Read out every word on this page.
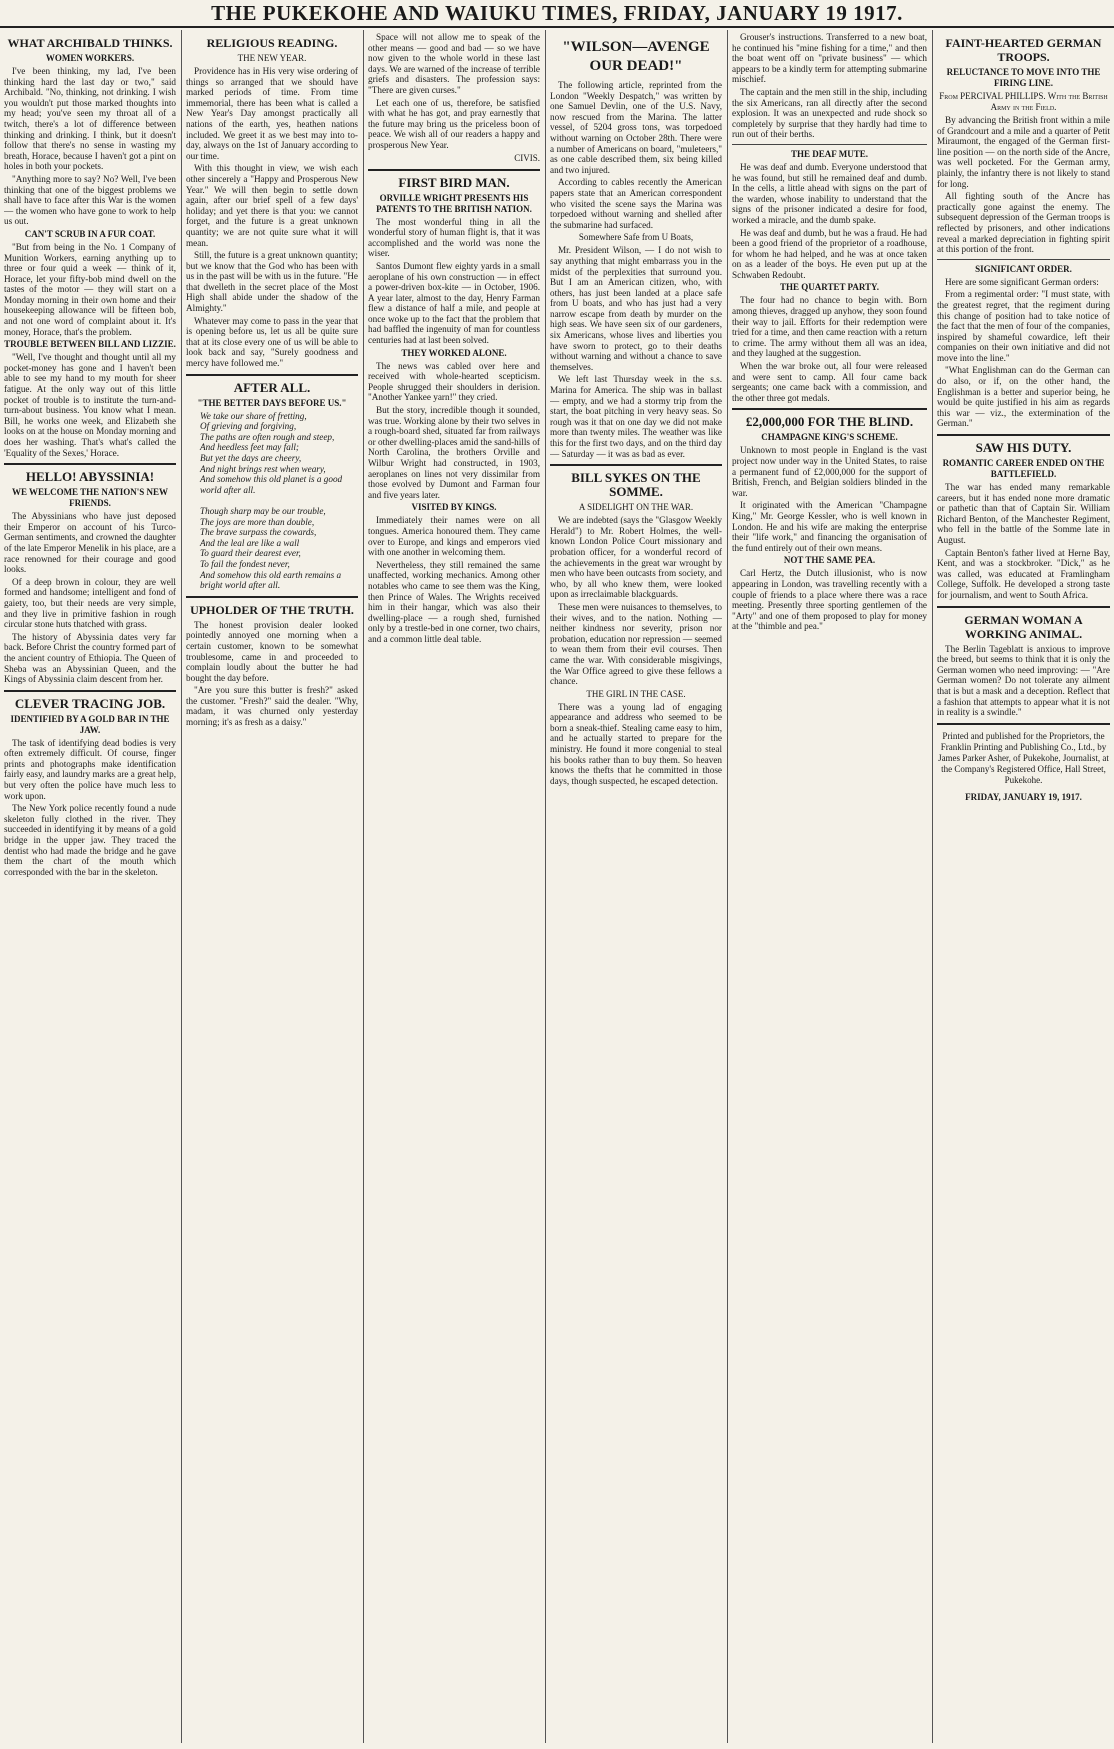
THE PUKEKOHE AND WAIUKU TIMES, FRIDAY, JANUARY 19 1917.
WHAT ARCHIBALD THINKS.
WOMEN WORKERS.

I've been thinking, my lad, I've been thinking hard the last day or two," said Archibald. "No, thinking, not drinking. I wish you wouldn't put those marked thoughts into my head; you've seen my throat all of a twitch, there's a lot of difference between thinking and drinking. I think, but it doesn't follow that there's no sense in wasting my breath, Horace, because I haven't got a pint on holes in both your pockets.

"Anything more to say? No? Well, I've been thinking that one of the biggest problems we shall have to face after this War is the women — the women who have gone to work to help us out.

CAN'T SCRUB IN A FUR COAT.

"But from being in the No. 1 Company of Munition Workers, earning anything up to three or four quid a week — think of it, Horace, let your fifty-bob mind dwell on the tastes of the motor — they will start on a Monday morning in their own home and their housekeeping allowance will be fifteen bob, and not one word of complaint about it. It's money, Horace, that's the problem.

TROUBLE BETWEEN BILL AND LIZZIE.

"Well, I've thought and thought until all my pocket-money has gone and I haven't been able to see my hand to my mouth for sheer fatigue. At the only way out of this little pocket of trouble is to institute the turn-and-turn-about business. You know what I mean. Bill, he works one week, and Elizabeth she looks on at the house on Monday morning and does her washing. That's what's called the 'Equality of the Sexes,' Horace.

HELLO! ABYSSINIA!
WE WELCOME THE NATION'S NEW FRIENDS.

The Abyssinians who have just deposed their Emperor on account of his Turco-German sentiments, and crowned the daughter of the late Emperor Menelik in his place, are a race renowned for their courage and good looks.

Of a deep brown in colour, they are well formed and handsome; intelligent and fond of gaiety, too, but their needs are very simple, and they live in primitive fashion in rough circular stone huts thatched with grass.

The history of Abyssinia dates very far back. Before Christ the country formed part of the ancient country of Ethiopia. The Queen of Sheba was an Abyssinian Queen, and the Kings of Abyssinia claim descent from her.

CLEVER TRACING JOB.
IDENTIFIED BY A GOLD BAR IN THE JAW.

The task of identifying dead bodies is very often extremely difficult. Of course, finger prints and photographs make identification fairly easy, and laundry marks are a great help, but very often the police have much less to work upon.

The New York police recently found a nude skeleton fully clothed in the river. They succeeded in identifying it by means of a gold bridge in the upper jaw. They traced the dentist who had made the bridge and he gave them the chart of the mouth which corresponded with the bar in the skeleton.

RELIGIOUS READING.
THE NEW YEAR.

Providence has in His very wise ordering of things so arranged that we should have marked periods of time. From time immemorial, there has been what is called a New Year's Day amongst practically all nations of the earth, yes, heathen nations included. We greet it as we best may into to-day, always on the 1st of January according to our time.

With this thought in view, we wish each other sincerely a "Happy and Prosperous New Year." We will then begin to settle down again, after our brief spell of a few days' holiday; and yet there is that you: we cannot forget, and the future is a great unknown quantity; we are not quite sure what it will mean.

Still, the future is a great unknown quantity; but we know that the God who has been with us in the past will be with us in the future. "He that dwelleth in the secret place of the Most High shall abide under the shadow of the Almighty."

Whatever may come to pass in the year that is opening before us, let us all be quite sure that at its close every one of us will be able to look back and say, "Surely goodness and mercy have followed me."

AFTER ALL.
"THE BETTER DAYS BEFORE US."

We take our share of fretting,

Of grieving and forgiving,

The paths are often rough and steep,

And heedless feet may fall;

But yet the days are cheery,

And night brings rest when weary,

And somehow this old planet is a good world after all.

Though sharp may be our trouble,

The joys are more than double,

The brave surpass the cowards,

And the leal are like a wall

To guard their dearest ever,

To fail the fondest never,

And somehow this old earth remains a bright world after all.

UPHOLDER OF THE TRUTH.

The honest provision dealer looked pointedly annoyed one morning when a certain customer, known to be somewhat troublesome, came in and proceeded to complain loudly about the butter he had bought the day before.

"Are you sure this butter is fresh?" asked the customer. "Fresh?" said the dealer. "Why, madam, it was churned only yesterday morning; it's as fresh as a daisy."

Space will not allow me to speak of the other means — good and bad — so we have now given to the whole world in these last days. We are warned of the increase of terrible griefs and disasters. The profession says: "There are given curses."

Let each one of us, therefore, be satisfied with what he has got, and pray earnestly that the future may bring us the priceless boon of peace. We wish all of our readers a happy and prosperous New Year.

CIVIS.
FIRST BIRD MAN.
ORVILLE WRIGHT PRESENTS HIS PATENTS TO THE BRITISH NATION.

The most wonderful thing in all the wonderful story of human flight is, that it was accomplished and the world was none the wiser.

Santos Dumont flew eighty yards in a small aeroplane of his own construction — in effect a power-driven box-kite — in October, 1906. A year later, almost to the day, Henry Farman flew a distance of half a mile, and people at once woke up to the fact that the problem that had baffled the ingenuity of man for countless centuries had at last been solved.

THEY WORKED ALONE.

The news was cabled over here and received with whole-hearted scepticism. People shrugged their shoulders in derision. "Another Yankee yarn!" they cried.

But the story, incredible though it sounded, was true. Working alone by their two selves in a rough-board shed, situated far from railways or other dwelling-places amid the sand-hills of North Carolina, the brothers Orville and Wilbur Wright had constructed, in 1903, aeroplanes on lines not very dissimilar from those evolved by Dumont and Farman four and five years later.

VISITED BY KINGS.

Immediately their names were on all tongues. America honoured them. They came over to Europe, and kings and emperors vied with one another in welcoming them.

Nevertheless, they still remained the same unaffected, working mechanics. Among other notables who came to see them was the King, then Prince of Wales. The Wrights received him in their hangar, which was also their dwelling-place — a rough shed, furnished only by a trestle-bed in one corner, two chairs, and a common little deal table.

"WILSON—AVENGE OUR DEAD!"

The following article, reprinted from the London "Weekly Despatch," was written by one Samuel Devlin, one of the U.S. Navy, now rescued from the Marina. The latter vessel, of 5204 gross tons, was torpedoed without warning on October 28th. There were a number of Americans on board, "muleteers," as one cable described them, six being killed and two injured.

According to cables recently the American papers state that an American correspondent who visited the scene says the Marina was torpedoed without warning and shelled after the submarine had surfaced.

Somewhere Safe from U Boats,

Mr. President Wilson, — I do not wish to say anything that might embarrass you in the midst of the perplexities that surround you. But I am an American citizen, who, with others, has just been landed at a place safe from U boats, and who has just had a very narrow escape from death by murder on the high seas. We have seen six of our gardeners, six Americans, whose lives and liberties you have sworn to protect, go to their deaths without warning and without a chance to save themselves.

We left last Thursday week in the s.s. Marina for America. The ship was in ballast — empty, and we had a stormy trip from the start, the boat pitching in very heavy seas. So rough was it that on one day we did not make more than twenty miles. The weather was like this for the first two days, and on the third day — Saturday — it was as bad as ever.

BILL SYKES ON THE SOMME.
A SIDELIGHT ON THE WAR.

We are indebted (says the "Glasgow Weekly Herald") to Mr. Robert Holmes, the well-known London Police Court missionary and probation officer, for a wonderful record of the achievements in the great war wrought by men who have been outcasts from society, and who, by all who knew them, were looked upon as irreclaimable blackguards.

These men were nuisances to themselves, to their wives, and to the nation. Nothing — neither kindness nor severity, prison nor probation, education nor repression — seemed to wean them from their evil courses. Then came the war. With considerable misgivings, the War Office agreed to give these fellows a chance.

THE GIRL IN THE CASE.

There was a young lad of engaging appearance and address who seemed to be born a sneak-thief. Stealing came easy to him, and he actually started to prepare for the ministry. He found it more congenial to steal his books rather than to buy them. So heaven knows the thefts that he committed in those days, though suspected, he escaped detection.

Grouser's instructions. Transferred to a new boat, he continued his "mine fishing for a time," and then the boat went off on "private business" — which appears to be a kindly term for attempting submarine mischief.

The captain and the men still in the ship, including the six Americans, ran all directly after the second explosion. It was an unexpected and rude shock so completely by surprise that they hardly had time to run out of their berths.

THE DEAF MUTE.

He was deaf and dumb. Everyone understood that he was found, but still he remained deaf and dumb. In the cells, a little ahead with signs on the part of the warden, whose inability to understand that the signs of the prisoner indicated a desire for food, worked a miracle, and the dumb spake.

He was deaf and dumb, but he was a fraud. He had been a good friend of the proprietor of a roadhouse, for whom he had helped, and he was at once taken on as a leader of the boys. He even put up at the Schwaben Redoubt.

THE QUARTET PARTY.

The four had no chance to begin with. Born among thieves, dragged up anyhow, they soon found their way to jail. Efforts for their redemption were tried for a time, and then came reaction with a return to crime. The army without them all was an idea, and they laughed at the suggestion.

When the war broke out, all four were released and were sent to camp. All four came back sergeants; one came back with a commission, and the other three got medals.

£2,000,000 FOR THE BLIND.
CHAMPAGNE KING'S SCHEME.

Unknown to most people in England is the vast project now under way in the United States, to raise a permanent fund of £2,000,000 for the support of British, French, and Belgian soldiers blinded in the war.

It originated with the American "Champagne King," Mr. George Kessler, who is well known in London. He and his wife are making the enterprise their "life work," and financing the organisation of the fund entirely out of their own means.

NOT THE SAME PEA.

Carl Hertz, the Dutch illusionist, who is now appearing in London, was travelling recently with a couple of friends to a place where there was a race meeting. Presently three sporting gentlemen of the "Arty" and one of them proposed to play for money at the "thimble and pea."

FAINT-HEARTED GERMAN TROOPS.
RELUCTANCE TO MOVE INTO THE FIRING LINE.
From PERCIVAL PHILLIPS. With the British Army in the Field.

By advancing the British front within a mile of Grandcourt and a mile and a quarter of Petit Miraumont, the engaged of the German first-line position — on the north side of the Ancre, was well pocketed. For the German army, plainly, the infantry there is not likely to stand for long.

All fighting south of the Ancre has practically gone against the enemy. The subsequent depression of the German troops is reflected by prisoners, and other indications reveal a marked depreciation in fighting spirit at this portion of the front.

SIGNIFICANT ORDER.

Here are some significant German orders:

From a regimental order: "I must state, with the greatest regret, that the regiment during this change of position had to take notice of the fact that the men of four of the companies, inspired by shameful cowardice, left their companies on their own initiative and did not move into the line."

"What Englishman can do the German can do also, or if, on the other hand, the Englishman is a better and superior being, he would be quite justified in his aim as regards this war — viz., the extermination of the German."

SAW HIS DUTY.
ROMANTIC CAREER ENDED ON THE BATTLEFIELD.

The war has ended many remarkable careers, but it has ended none more dramatic or pathetic than that of Captain Sir. William Richard Benton, of the Manchester Regiment, who fell in the battle of the Somme late in August.

Captain Benton's father lived at Herne Bay, Kent, and was a stockbroker. "Dick," as he was called, was educated at Framlingham College, Suffolk. He developed a strong taste for journalism, and went to South Africa.

GERMAN WOMAN A WORKING ANIMAL.

The Berlin Tageblatt is anxious to improve the breed, but seems to think that it is only the German women who need improving: — "Are German women? Do not tolerate any ailment that is but a mask and a deception. Reflect that a fashion that attempts to appear what it is not in reality is a swindle."

Printed and published for the Proprietors, the Franklin Printing and Publishing Co., Ltd., by James Parker Asher, of Pukekohe, Journalist, at the Company's Registered Office, Hall Street, Pukekohe.
FRIDAY, JANUARY 19, 1917.
